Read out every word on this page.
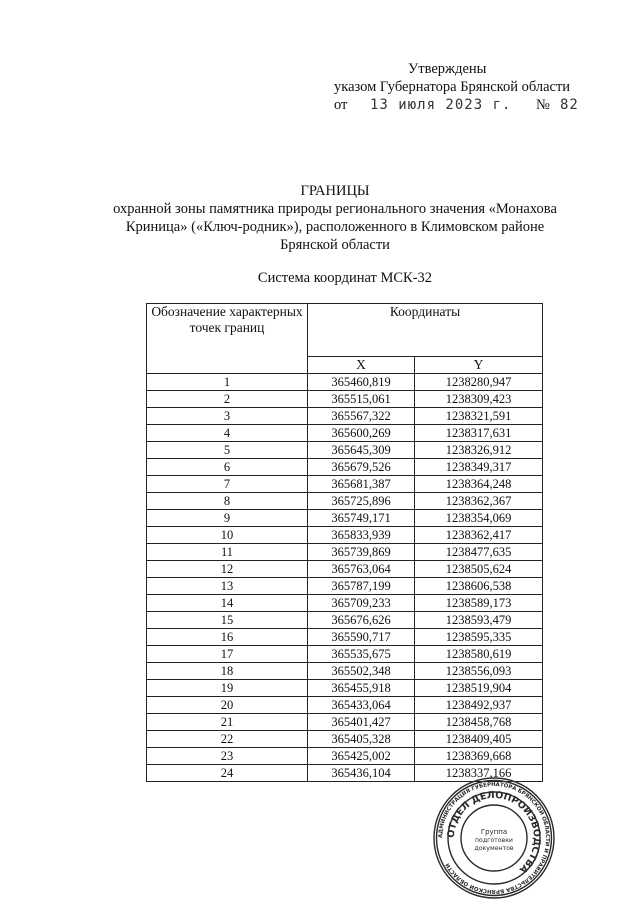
Утверждены
указом Губернатора Брянской области
от 13 июля 2023 г. № 82
ГРАНИЦЫ
охранной зоны памятника природы регионального значения «Монахова Криница» («Ключ-родник»), расположенного в Климовском районе Брянской области
Система координат МСК-32
Обозначение характерных точек границ	Координаты	
	X	Y
1	365460,819	1238280,947
2	365515,061	1238309,423
3	365567,322	1238321,591
4	365600,269	1238317,631
5	365645,309	1238326,912
6	365679,526	1238349,317
7	365681,387	1238364,248
8	365725,896	1238362,367
9	365749,171	1238354,069
10	365833,939	1238362,417
11	365739,869	1238477,635
12	365763,064	1238505,624
13	365787,199	1238606,538
14	365709,233	1238589,173
15	365676,626	1238593,479
16	365590,717	1238595,335
17	365535,675	1238580,619
18	365502,348	1238556,093
19	365455,918	1238519,904
20	365433,064	1238492,937
21	365401,427	1238458,768
22	365405,328	1238409,405
23	365425,002	1238369,668
24	365436,104	1238337,166
АДМИНИСТРАЦИЯ ГУБЕРНАТОРА БРЯНСКОЙ ОБЛАСТИ И ПРАВИТЕЛЬСТВА БРЯНСКОЙ ОБЛАСТИ
ОТДЕЛ ДЕЛОПРОИЗВОДСТВА
Группа
подготовки
документов
